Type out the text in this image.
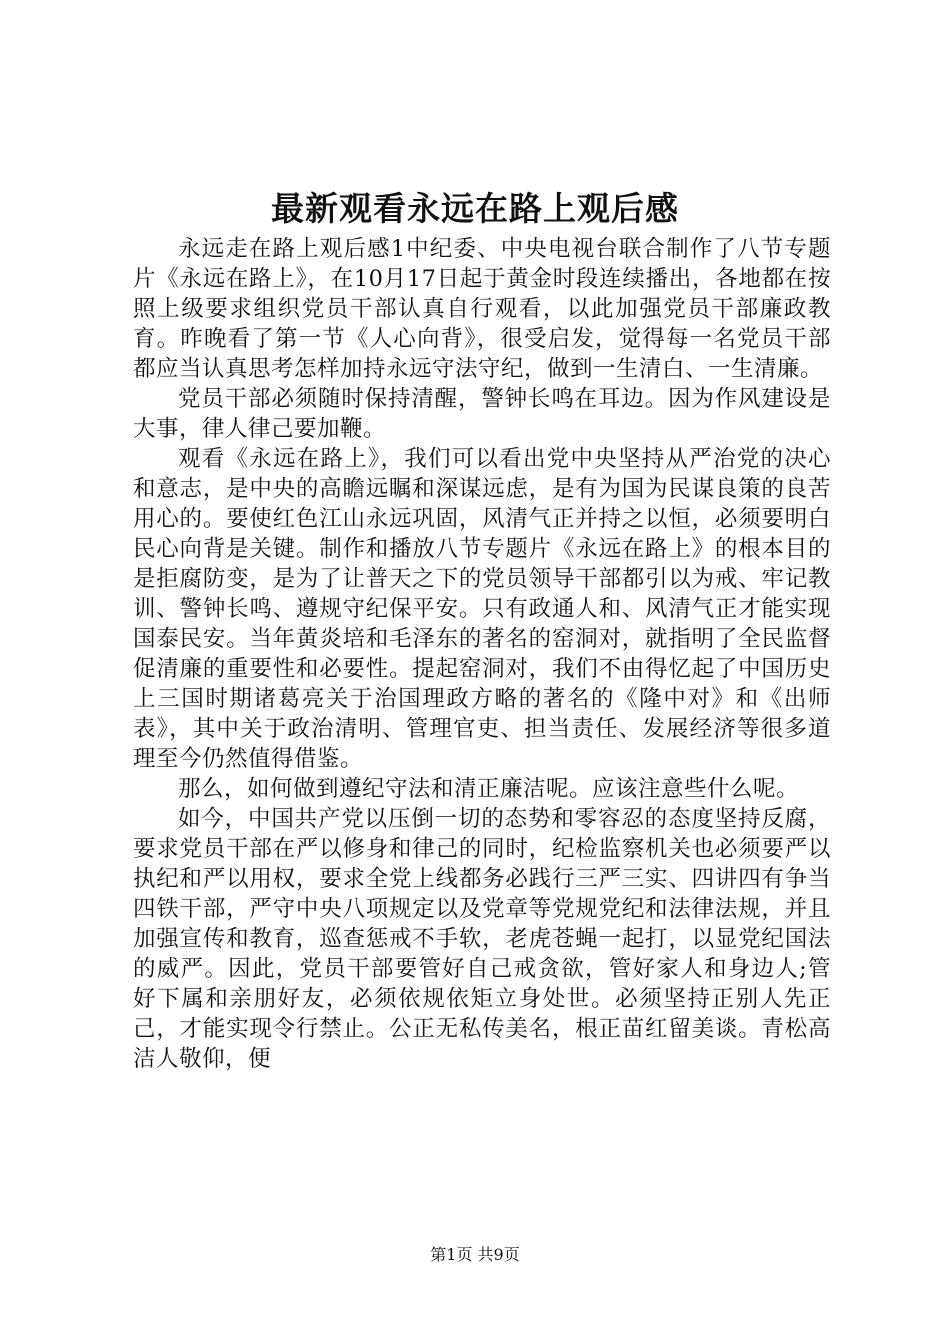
最新观看永远在路上观后感

永远走在路上观后感1中纪委、中央电视台联合制作了八节专题片《永远在路上》，在10月17日起于黄金时段连续播出，各地都在按照上级要求组织党员干部认真自行观看，以此加强党员干部廉政教育。昨晚看了第一节《人心向背》，很受启发，觉得每一名党员干部都应当认真思考怎样加持永远守法守纪，做到一生清白、一生清廉。

党员干部必须随时保持清醒，警钟长鸣在耳边。因为作风建设是大事，律人律己要加鞭。

观看《永远在路上》，我们可以看出党中央坚持从严治党的决心和意志，是中央的高瞻远瞩和深谋远虑，是有为国为民谋良策的良苦用心的。要使红色江山永远巩固，风清气正并持之以恒，必须要明白民心向背是关键。制作和播放八节专题片《永远在路上》的根本目的是拒腐防变，是为了让普天之下的党员领导干部都引以为戒、牢记教训、警钟长鸣、遵规守纪保平安。只有政通人和、风清气正才能实现国泰民安。当年黄炎培和毛泽东的著名的窑洞对，就指明了全民监督促清廉的重要性和必要性。提起窑洞对，我们不由得忆起了中国历史上三国时期诸葛亮关于治国理政方略的著名的《隆中对》和《出师表》，其中关于政治清明、管理官吏、担当责任、发展经济等很多道理至今仍然值得借鉴。

那么，如何做到遵纪守法和清正廉洁呢。应该注意些什么呢。

如今，中国共产党以压倒一切的态势和零容忍的态度坚持反腐，要求党员干部在严以修身和律己的同时，纪检监察机关也必须要严以执纪和严以用权，要求全党上线都务必践行三严三实、四讲四有争当四铁干部，严守中央八项规定以及党章等党规党纪和法律法规，并且加强宣传和教育，巡查惩戒不手软，老虎苍蝇一起打，以显党纪国法的威严。因此，党员干部要管好自己戒贪欲，管好家人和身边人;管好下属和亲朋好友，必须依规依矩立身处世。必须坚持正别人先正己，才能实现令行禁止。公正无私传美名，根正苗红留美谈。青松高洁人敬仰，便

第1页 共9页
